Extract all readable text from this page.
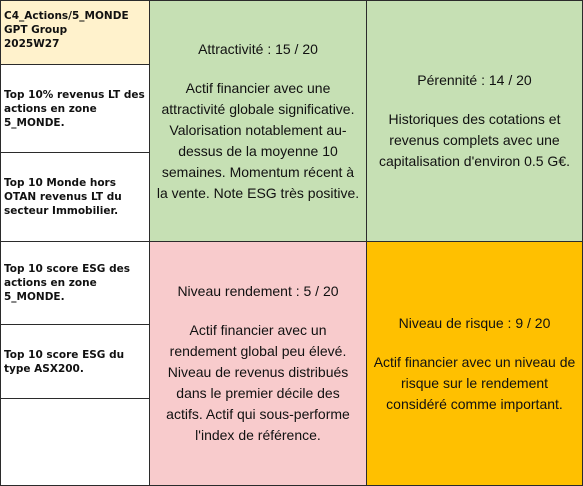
C4_Actions/5_MONDE
GPT Group
2025W27
Top 10% revenus LT des actions en zone 5_MONDE.
Top 10 Monde hors OTAN revenus LT du secteur Immobilier.
Top 10 score ESG des actions en zone 5_MONDE.
Top 10 score ESG du type ASX200.
Attractivité : 15 / 20
Actif financier avec une attractivité globale significative. Valorisation notablement au-dessus de la moyenne 10 semaines. Momentum récent à la vente. Note ESG très positive.
Pérennité : 14 / 20
Historiques des cotations et revenus complets avec une capitalisation d'environ 0.5 G€.
Niveau rendement : 5 / 20
Actif financier avec un rendement global peu élevé. Niveau de revenus distribués dans le premier décile des actifs. Actif qui sous-performe l'index de référence.
Niveau de risque : 9 / 20
Actif financier avec un niveau de risque sur le rendement considéré comme important.
